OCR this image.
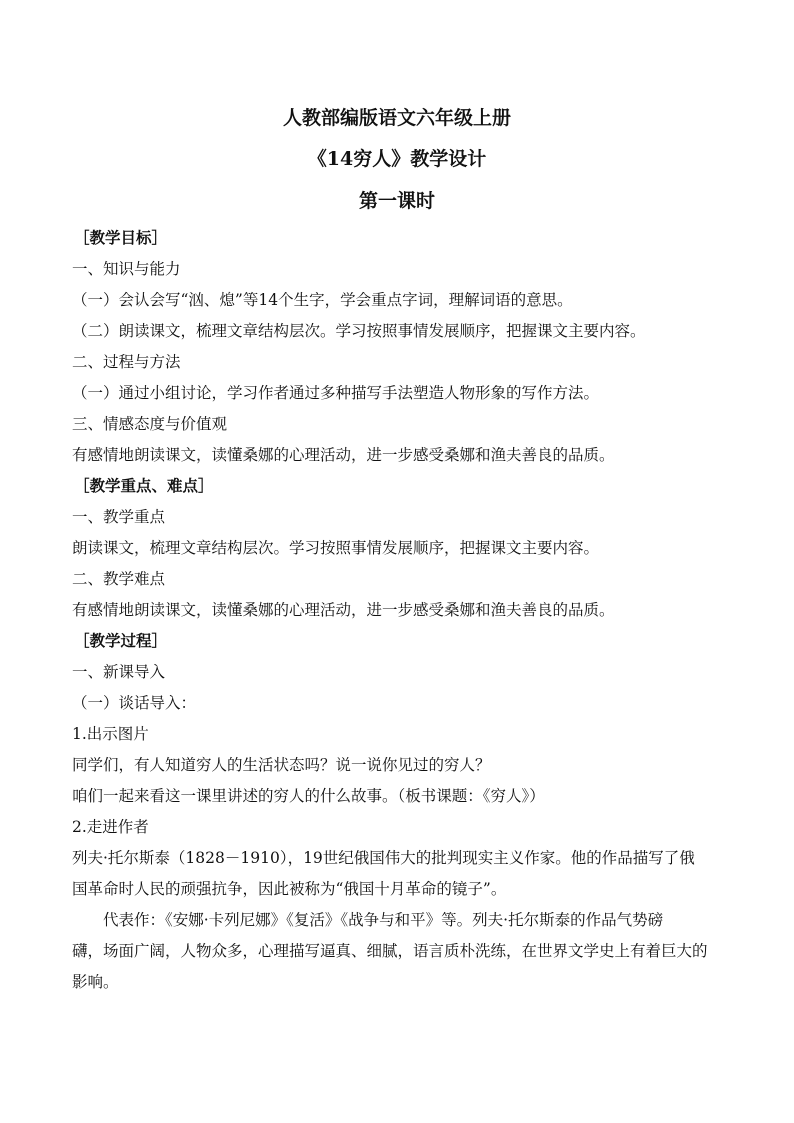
人教部编版语文六年级上册
《14穷人》教学设计
第一课时
［教学目标］
一、知识与能力
（一）会认会写“汹、熄”等14个生字，学会重点字词，理解词语的意思。
（二）朗读课文，梳理文章结构层次。学习按照事情发展顺序，把握课文主要内容。
二、过程与方法
（一）通过小组讨论，学习作者通过多种描写手法塑造人物形象的写作方法。
三、情感态度与价值观
有感情地朗读课文，读懂桑娜的心理活动，进一步感受桑娜和渔夫善良的品质。
［教学重点、难点］
一、教学重点
朗读课文，梳理文章结构层次。学习按照事情发展顺序，把握课文主要内容。
二、教学难点
有感情地朗读课文，读懂桑娜的心理活动，进一步感受桑娜和渔夫善良的品质。
［教学过程］
一、新课导入
（一）谈话导入：
1.出示图片
同学们，有人知道穷人的生活状态吗？说一说你见过的穷人？
咱们一起来看这一课里讲述的穷人的什么故事。（板书课题：《穷人》）
2.走进作者
列夫·托尔斯泰（1828－1910），19世纪俄国伟大的批判现实主义作家。他的作品描写了俄
国革命时人民的顽强抗争，因此被称为“俄国十月革命的镜子”。
代表作：《安娜·卡列尼娜》《复活》《战争与和平》等。列夫·托尔斯泰的作品气势磅
礴，场面广阔，人物众多，心理描写逼真、细腻，语言质朴洗练，在世界文学史上有着巨大的
影响。
